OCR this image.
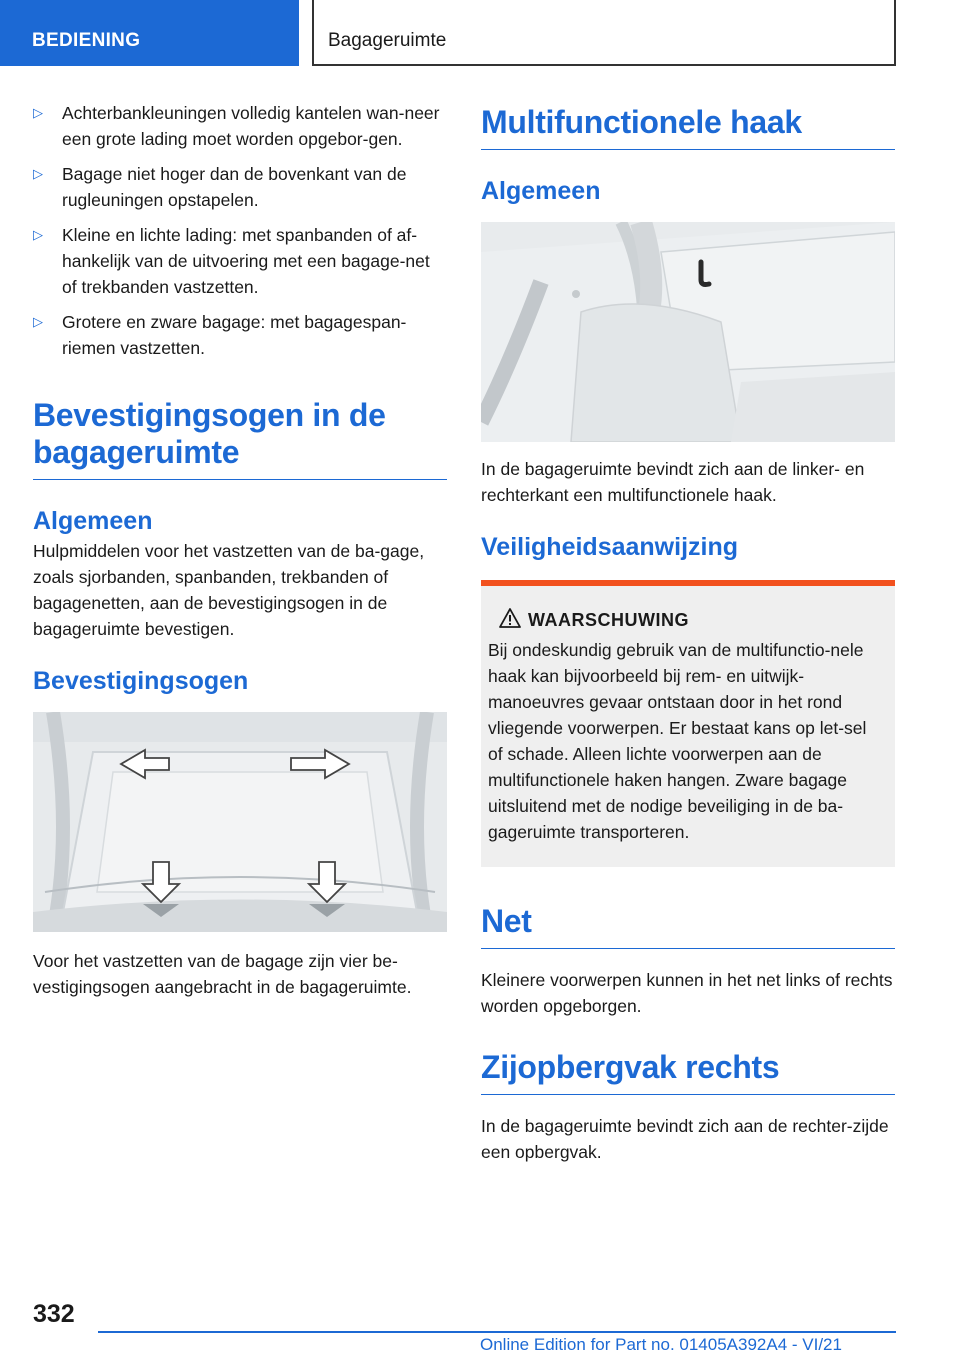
BEDIENING	Bagageruimte
▷ Achterbankleuningen volledig kantelen wan-neer een grote lading moet worden opgebor-gen.
▷ Bagage niet hoger dan de bovenkant van de rugleuningen opstapelen.
▷ Kleine en lichte lading: met spanbanden of af-hankelijk van de uitvoering met een bagage-net of trekbanden vastzetten.
▷ Grotere en zware bagage: met bagagespan-riemen vastzetten.
Bevestigingsogen in de bagageruimte
Algemeen

Hulpmiddelen voor het vastzetten van de ba-gage, zoals sjorbanden, spanbanden, trekbanden of bagagenetten, aan de bevestigingsogen in de bagageruimte bevestigen.

Bevestigingsogen

Voor het vastzetten van de bagage zijn vier be-vestigingsogen aangebracht in de bagageruimte.

Multifunctionele haak
Algemeen

In de bagageruimte bevindt zich aan de linker- en rechterkant een multifunctionele haak.

Veiligheidsaanwijzing
WAARSCHUWING

Bij ondeskundig gebruik van de multifunctio-nele haak kan bijvoorbeeld bij rem- en uitwijk-manoeuvres gevaar ontstaan door in het rond vliegende voorwerpen. Er bestaat kans op let-sel of schade. Alleen lichte voorwerpen aan de multifunctionele haken hangen. Zware bagage uitsluitend met de nodige beveiliging in de ba-gageruimte transporteren.

Net

Kleinere voorwerpen kunnen in het net links of rechts worden opgeborgen.

Zijopbergvak rechts

In de bagageruimte bevindt zich aan de rechter-zijde een opbergvak.

332
Online Edition for Part no. 01405A392A4 - VI/21
